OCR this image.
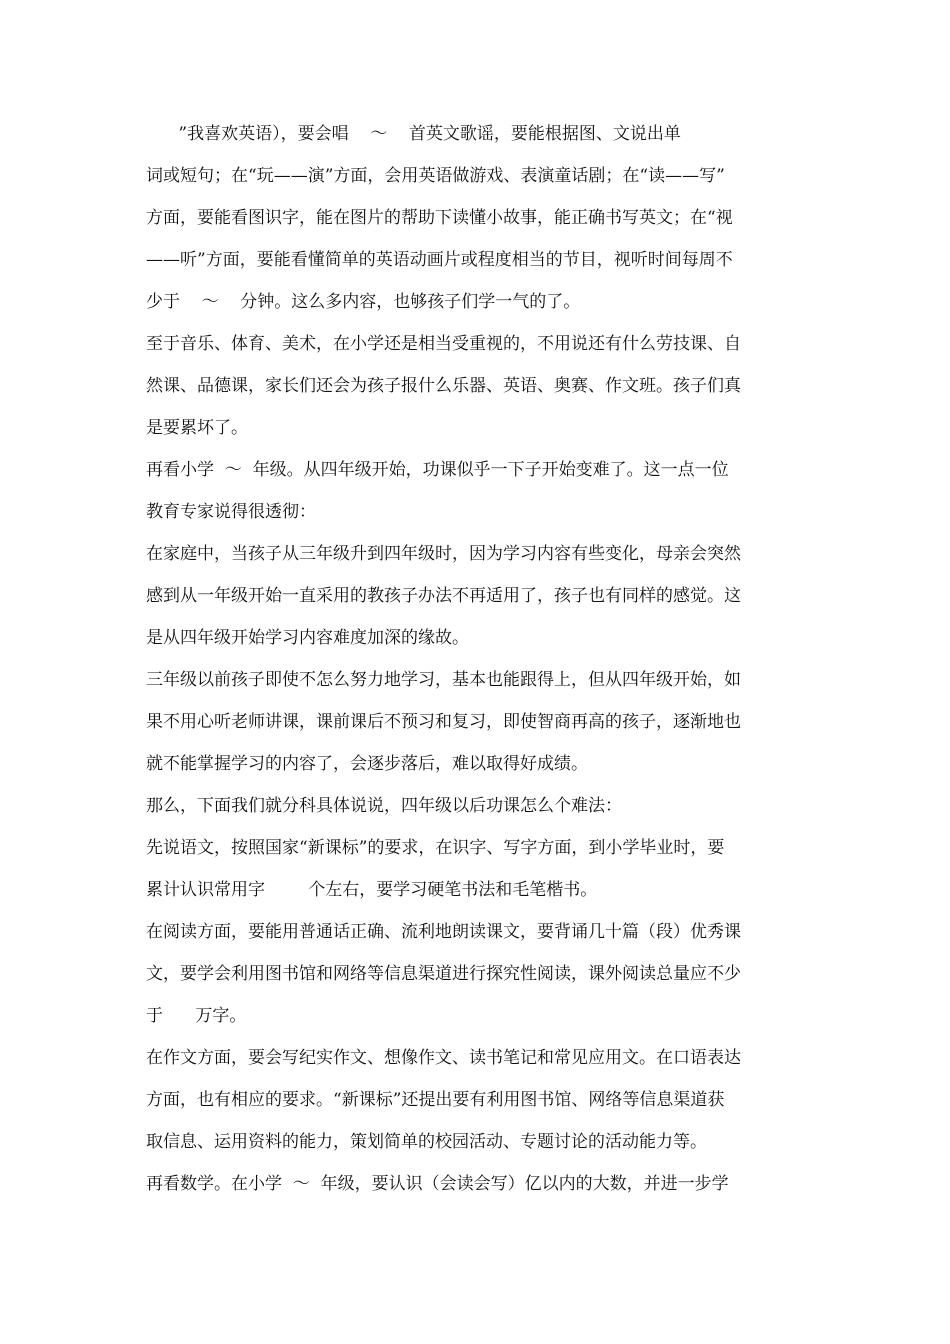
”我喜欢英语），要会唱    ～    首英文歌谣，要能根据图、文说出单
词或短句；在“玩——演”方面，会用英语做游戏、表演童话剧；在“读——写”
方面，要能看图识字，能在图片的帮助下读懂小故事，能正确书写英文；在“视
——听”方面，要能看懂简单的英语动画片或程度相当的节目，视听时间每周不
少于    ～    分钟。这么多内容，也够孩子们学一气的了。
至于音乐、体育、美术，在小学还是相当受重视的，不用说还有什么劳技课、自
然课、品德课，家长们还会为孩子报什么乐器、英语、奥赛、作文班。孩子们真
是要累坏了。
再看小学  ～  年级。从四年级开始，功课似乎一下子开始变难了。这一点一位
教育专家说得很透彻：
在家庭中，当孩子从三年级升到四年级时，因为学习内容有些变化，母亲会突然
感到从一年级开始一直采用的教孩子办法不再适用了，孩子也有同样的感觉。这
是从四年级开始学习内容难度加深的缘故。
三年级以前孩子即使不怎么努力地学习，基本也能跟得上，但从四年级开始，如
果不用心听老师讲课，课前课后不预习和复习，即使智商再高的孩子，逐渐地也
就不能掌握学习的内容了，会逐步落后，难以取得好成绩。
那么，下面我们就分科具体说说，四年级以后功课怎么个难法：
先说语文，按照国家“新课标”的要求，在识字、写字方面，到小学毕业时，要
累计认识常用字        个左右，要学习硬笔书法和毛笔楷书。
在阅读方面，要能用普通话正确、流利地朗读课文，要背诵几十篇（段）优秀课
文，要学会利用图书馆和网络等信息渠道进行探究性阅读，课外阅读总量应不少
于      万字。
在作文方面，要会写纪实作文、想像作文、读书笔记和常见应用文。在口语表达
方面，也有相应的要求。“新课标”还提出要有利用图书馆、网络等信息渠道获
取信息、运用资料的能力，策划简单的校园活动、专题讨论的活动能力等。
再看数学。在小学  ～  年级，要认识（会读会写）亿以内的大数，并进一步学
